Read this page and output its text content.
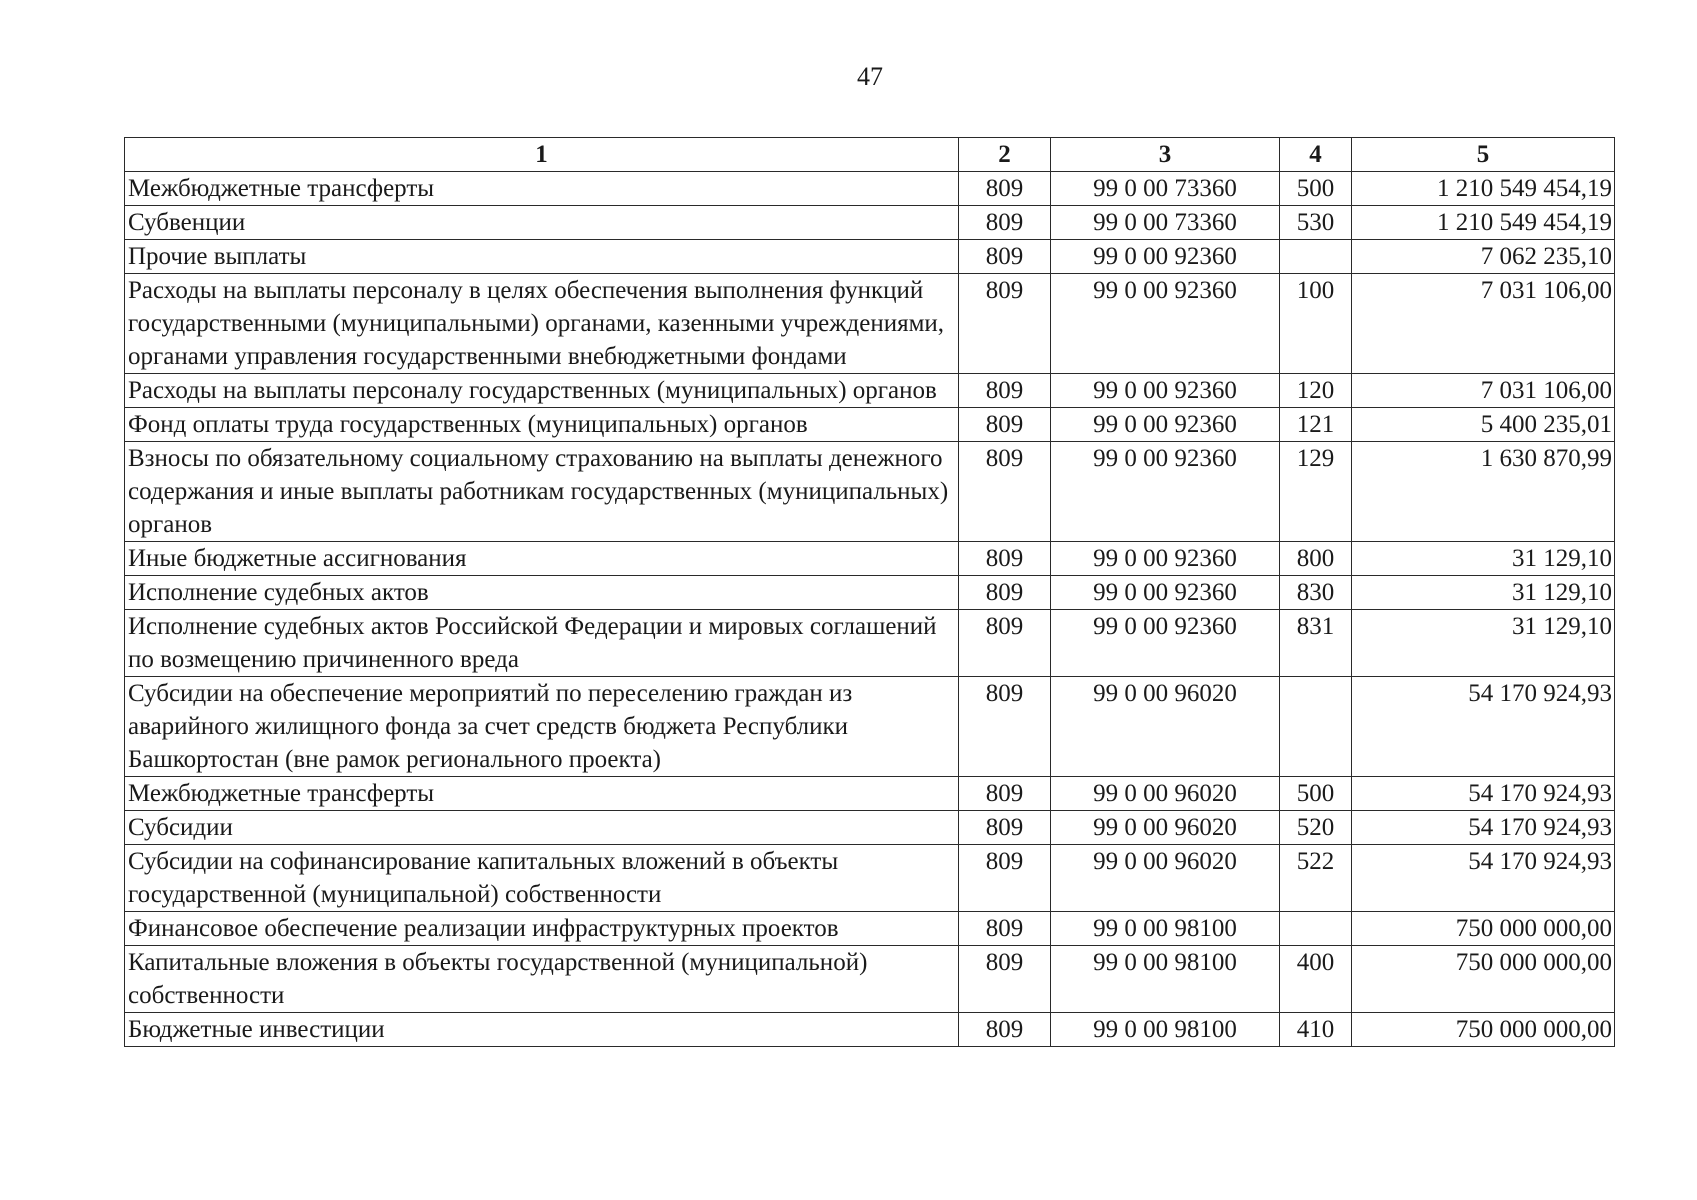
47
1	2	3	4	5
Межбюджетные трансферты	809	99 0 00 73360	500	1 210 549 454,19
Субвенции	809	99 0 00 73360	530	1 210 549 454,19
Прочие выплаты	809	99 0 00 92360		7 062 235,10
Расходы на выплаты персоналу в целях обеспечения выполнения функций государственными (муниципальными) органами, казенными учреждениями, органами управления государственными внебюджетными фондами	809	99 0 00 92360	100	7 031 106,00
Расходы на выплаты персоналу государственных (муниципальных) органов	809	99 0 00 92360	120	7 031 106,00
Фонд оплаты труда государственных (муниципальных) органов	809	99 0 00 92360	121	5 400 235,01
Взносы по обязательному социальному страхованию на выплаты денежного содержания и иные выплаты работникам государственных (муниципальных) органов	809	99 0 00 92360	129	1 630 870,99
Иные бюджетные ассигнования	809	99 0 00 92360	800	31 129,10
Исполнение судебных актов	809	99 0 00 92360	830	31 129,10
Исполнение судебных актов Российской Федерации и мировых соглашений по возмещению причиненного вреда	809	99 0 00 92360	831	31 129,10
Субсидии на обеспечение мероприятий по переселению граждан из аварийного жилищного фонда за счет средств бюджета Республики Башкортостан (вне рамок регионального проекта)	809	99 0 00 96020		54 170 924,93
Межбюджетные трансферты	809	99 0 00 96020	500	54 170 924,93
Субсидии	809	99 0 00 96020	520	54 170 924,93
Субсидии на софинансирование капитальных вложений в объекты государственной (муниципальной) собственности	809	99 0 00 96020	522	54 170 924,93
Финансовое обеспечение реализации инфраструктурных проектов	809	99 0 00 98100		750 000 000,00
Капитальные вложения в объекты государственной (муниципальной) собственности	809	99 0 00 98100	400	750 000 000,00
Бюджетные инвестиции	809	99 0 00 98100	410	750 000 000,00
